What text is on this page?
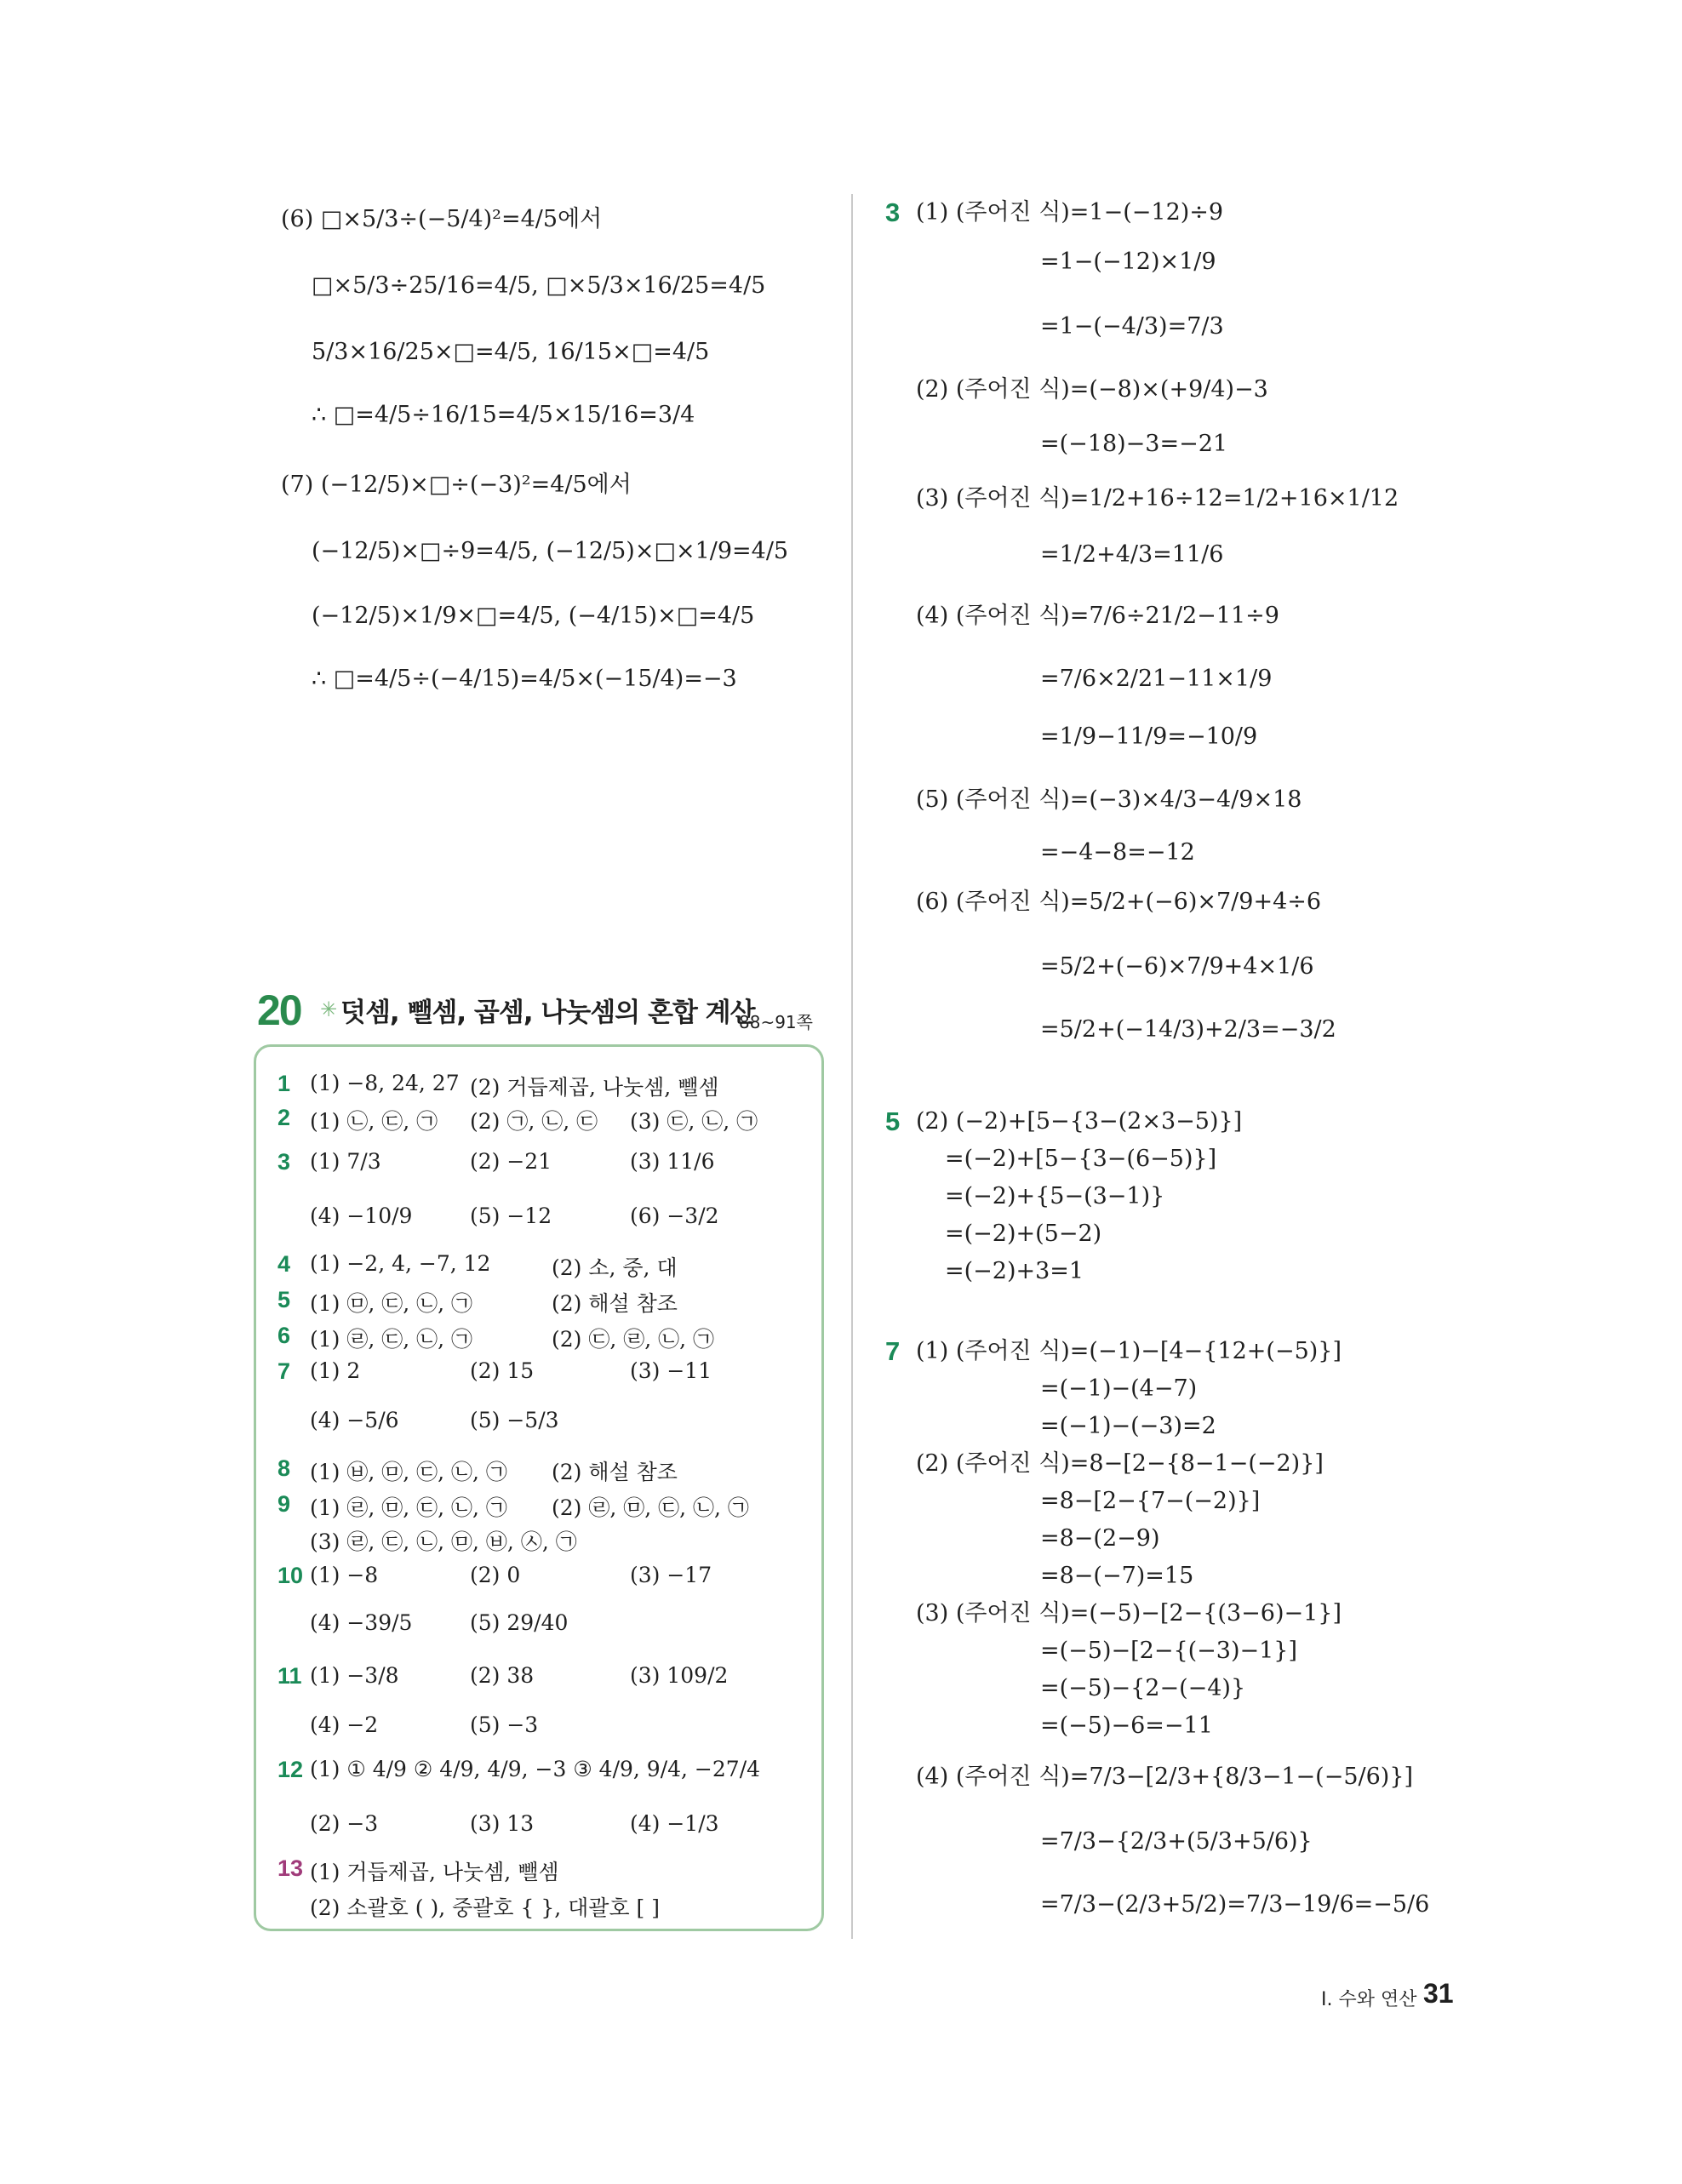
(6) □×5/3÷(−5/4)²=4/5에서
□×5/3÷25/16=4/5, □×5/3×16/25=4/5
5/3×16/25×□=4/5, 16/15×□=4/5
∴ □=4/5÷16/15=4/5×15/16=3/4
(7) (−12/5)×□÷(−3)²=4/5에서
(−12/5)×□÷9=4/5, (−12/5)×□×1/9=4/5
(−12/5)×1/9×□=4/5, (−4/15)×□=4/5
∴ □=4/5÷(−4/15)=4/5×(−15/4)=−3
20 ✳ 덧셈, 뺄셈, 곱셈, 나눗셈의 혼합 계산
88~91쪽
1 (1) −8, 24, 27 (2) 거듭제곱, 나눗셈, 뺄셈
2 (1) ㉡, ㉢, ㉠ (2) ㉠, ㉡, ㉢ (3) ㉢, ㉡, ㉠
3 (1) 7/3	(2) −21	(3) 11/6
(4) −10/9	(5) −12	(6) −3/2
4 (1) −2, 4, −7, 12	(2) 소, 중, 대
5 (1) ㉤, ㉢, ㉡, ㉠	(2) 해설 참조
6 (1) ㉣, ㉢, ㉡, ㉠	(2) ㉢, ㉣, ㉡, ㉠
7 (1) 2	(2) 15	(3) −11
(4) −5/6	(5) −5/3
8 (1) ㉥, ㉤, ㉢, ㉡, ㉠ (2) 해설 참조
9 (1) ㉣, ㉤, ㉢, ㉡, ㉠ (2) ㉣, ㉤, ㉢, ㉡, ㉠
(3) ㉣, ㉢, ㉡, ㉤, ㉥, ㉦, ㉠
10 (1) −8	(2) 0	(3) −17
(4) −39/5	(5) 29/40
11 (1) −3/8	(2) 38	(3) 109/2
(4) −2	(5) −3
12 (1) ① 4/9 ② 4/9, 4/9, −3 ③ 4/9, 9/4, −27/4
(2) −3	(3) 13	(4) −1/3
13 (1) 거듭제곱, 나눗셈, 뺄셈
(2) 소괄호 ( ), 중괄호 { }, 대괄호 [ ]
3 (1) (주어진 식)=1−(−12)÷9
=1−(−12)×1/9
=1−(−4/3)=7/3
(2) (주어진 식)=(−8)×(+9/4)−3
=(−18)−3=−21
(3) (주어진 식)=1/2+16÷12=1/2+16×1/12
=1/2+4/3=11/6
(4) (주어진 식)=7/6÷21/2−11÷9
=7/6×2/21−11×1/9
=1/9−11/9=−10/9
(5) (주어진 식)=(−3)×4/3−4/9×18
=−4−8=−12
(6) (주어진 식)=5/2+(−6)×7/9+4÷6
=5/2+(−6)×7/9+4×1/6
=5/2+(−14/3)+2/3=−3/2
5 (2) (−2)+[5−{3−(2×3−5)}]
=(−2)+[5−{3−(6−5)}]
=(−2)+{5−(3−1)}
=(−2)+(5−2)
=(−2)+3=1
7 (1) (주어진 식)=(−1)−[4−{12+(−5)}]
=(−1)−(4−7)
=(−1)−(−3)=2
(2) (주어진 식)=8−[2−{8−1−(−2)}]
=8−[2−{7−(−2)}]
=8−(2−9)
=8−(−7)=15
(3) (주어진 식)=(−5)−[2−{(3−6)−1}]
=(−5)−[2−{(−3)−1}]
=(−5)−{2−(−4)}
=(−5)−6=−11
(4) (주어진 식)=7/3−[2/3+{8/3−1−(−5/6)}]
=7/3−{2/3+(5/3+5/6)}
=7/3−(2/3+5/2)=7/3−19/6=−5/6
Ⅰ. 수와 연산 31
